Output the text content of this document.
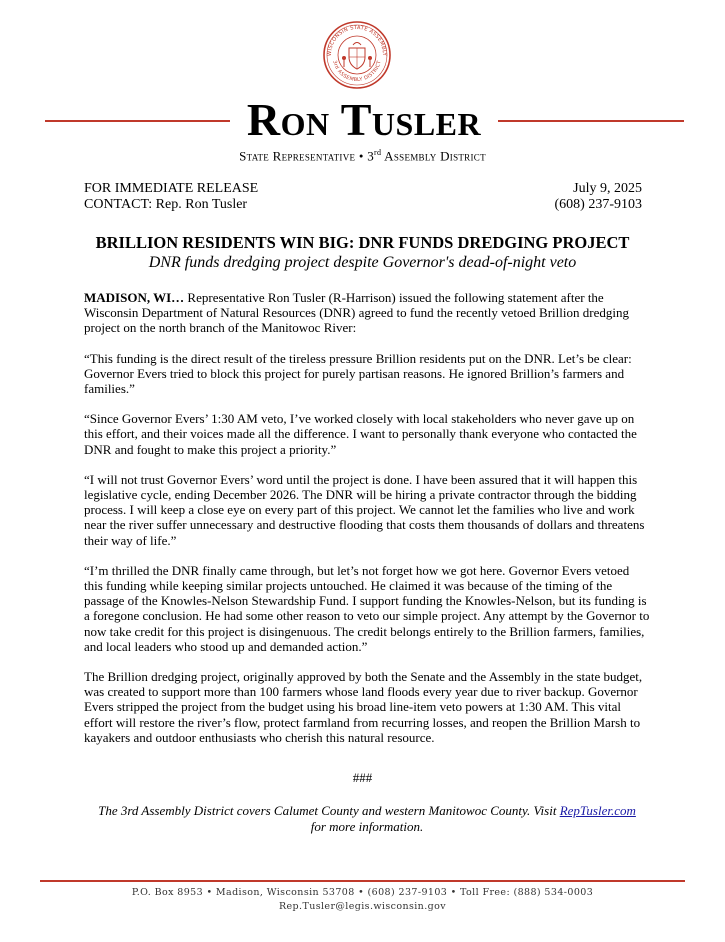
WISCONSIN STATE ASSEMBLY
3rd ASSEMBLY DISTRICT
Ron Tusler
State Representative • 3rd Assembly District
FOR IMMEDIATE RELEASE
CONTACT: Rep. Ron Tusler
July 9, 2025
(608) 237-9103
BRILLION RESIDENTS WIN BIG: DNR FUNDS DREDGING PROJECT
DNR funds dredging project despite Governor's dead-of-night veto

MADISON, WI… Representative Ron Tusler (R-Harrison) issued the following statement after the Wisconsin Department of Natural Resources (DNR) agreed to fund the recently vetoed Brillion dredging project on the north branch of the Manitowoc River:

“This funding is the direct result of the tireless pressure Brillion residents put on the DNR. Let’s be clear: Governor Evers tried to block this project for purely partisan reasons. He ignored Brillion’s farmers and families.”

“Since Governor Evers’ 1:30 AM veto, I’ve worked closely with local stakeholders who never gave up on this effort, and their voices made all the difference. I want to personally thank everyone who contacted the DNR and fought to make this project a priority.”

“I will not trust Governor Evers’ word until the project is done. I have been assured that it will happen this legislative cycle, ending December 2026. The DNR will be hiring a private contractor through the bidding process. I will keep a close eye on every part of this project. We cannot let the families who live and work near the river suffer unnecessary and destructive flooding that costs them thousands of dollars and threatens their way of life.”

“I’m thrilled the DNR finally came through, but let’s not forget how we got here. Governor Evers vetoed this funding while keeping similar projects untouched. He claimed it was because of the timing of the passage of the Knowles-Nelson Stewardship Fund. I support funding the Knowles-Nelson, but its funding is a foregone conclusion. He had some other reason to veto our simple project. Any attempt by the Governor to now take credit for this project is disingenuous. The credit belongs entirely to the Brillion farmers, families, and local leaders who stood up and demanded action.”

The Brillion dredging project, originally approved by both the Senate and the Assembly in the state budget, was created to support more than 100 farmers whose land floods every year due to river backup. Governor Evers stripped the project from the budget using his broad line-item veto powers at 1:30 AM. This vital effort will restore the river’s flow, protect farmland from recurring losses, and reopen the Brillion Marsh to kayakers and outdoor enthusiasts who cherish this natural resource.

###
The 3rd Assembly District covers Calumet County and western Manitowoc County. Visit RepTusler.com
for more information.
P.O. Box 8953 • Madison, Wisconsin 53708 • (608) 237-9103 • Toll Free: (888) 534-0003
Rep.Tusler@legis.wisconsin.gov
